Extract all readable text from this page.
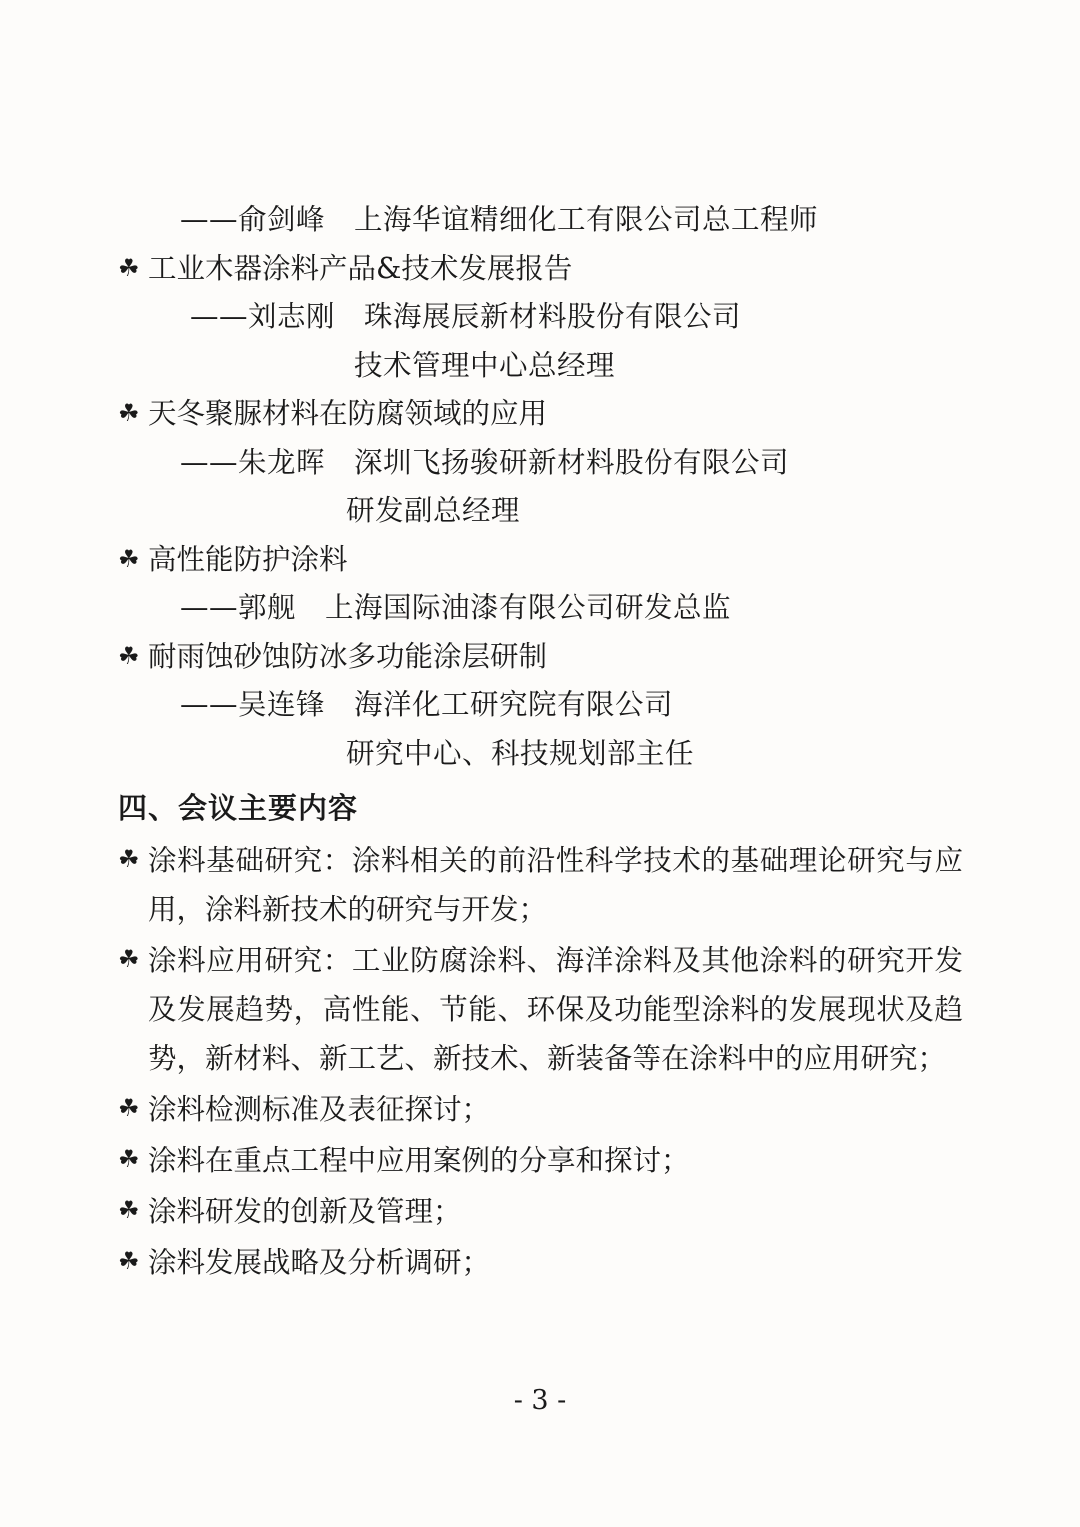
——俞剑峰　上海华谊精细化工有限公司总工程师
☘ 工业木器涂料产品&技术发展报告
——刘志刚　珠海展辰新材料股份有限公司
技术管理中心总经理
☘ 天冬聚脲材料在防腐领域的应用
——朱龙晖　深圳飞扬骏研新材料股份有限公司
研发副总经理
☘ 高性能防护涂料
——郭舰　上海国际油漆有限公司研发总监
☘ 耐雨蚀砂蚀防冰多功能涂层研制
——吴连锋　海洋化工研究院有限公司
研究中心、科技规划部主任
四、会议主要内容
☘ 涂料基础研究：涂料相关的前沿性科学技术的基础理论研究与应用，涂料新技术的研究与开发；
☘ 涂料应用研究：工业防腐涂料、海洋涂料及其他涂料的研究开发及发展趋势，高性能、节能、环保及功能型涂料的发展现状及趋势，新材料、新工艺、新技术、新装备等在涂料中的应用研究；
☘ 涂料检测标准及表征探讨；
☘ 涂料在重点工程中应用案例的分享和探讨；
☘ 涂料研发的创新及管理；
☘ 涂料发展战略及分析调研；
- 3 -
